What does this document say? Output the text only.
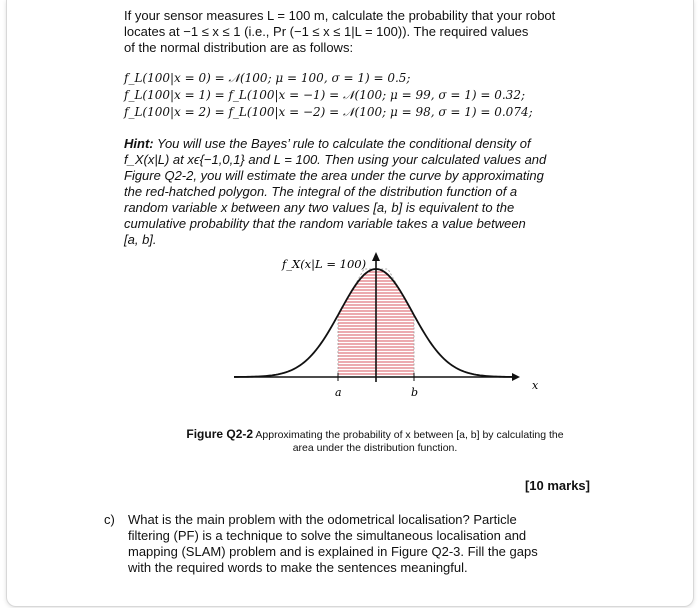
If your sensor measures L = 100 m, calculate the probability that your robot
locates at −1 ≤ x ≤ 1 (i.e., Pr (−1 ≤ x ≤ 1|L = 100)). The required values
of the normal distribution are as follows:
f_L(100|x = 0) = 𝒩(100; μ = 100, σ = 1) = 0.5;
f_L(100|x = 1) = f_L(100|x = −1) = 𝒩(100; μ = 99, σ = 1) = 0.32;
f_L(100|x = 2) = f_L(100|x = −2) = 𝒩(100; μ = 98, σ = 1) = 0.074;
Hint: You will use the Bayes’ rule to calculate the conditional density of
f_X(x|L) at xϵ{−1,0,1} and L = 100. Then using your calculated values and
Figure Q2-2, you will estimate the area under the curve by approximating
the red-hatched polygon. The integral of the distribution function of a
random variable x between any two values [a, b] is equivalent to the
cumulative probability that the random variable takes a value between
[a, b].
a	b
x
f_X(x|L = 100)
Figure Q2-2 Approximating the probability of x between [a, b] by calculating the
area under the distribution function.
[10 marks]
c) What is the main problem with the odometrical localisation? Particle
filtering (PF) is a technique to solve the simultaneous localisation and
mapping (SLAM) problem and is explained in Figure Q2-3. Fill the gaps
with the required words to make the sentences meaningful.
